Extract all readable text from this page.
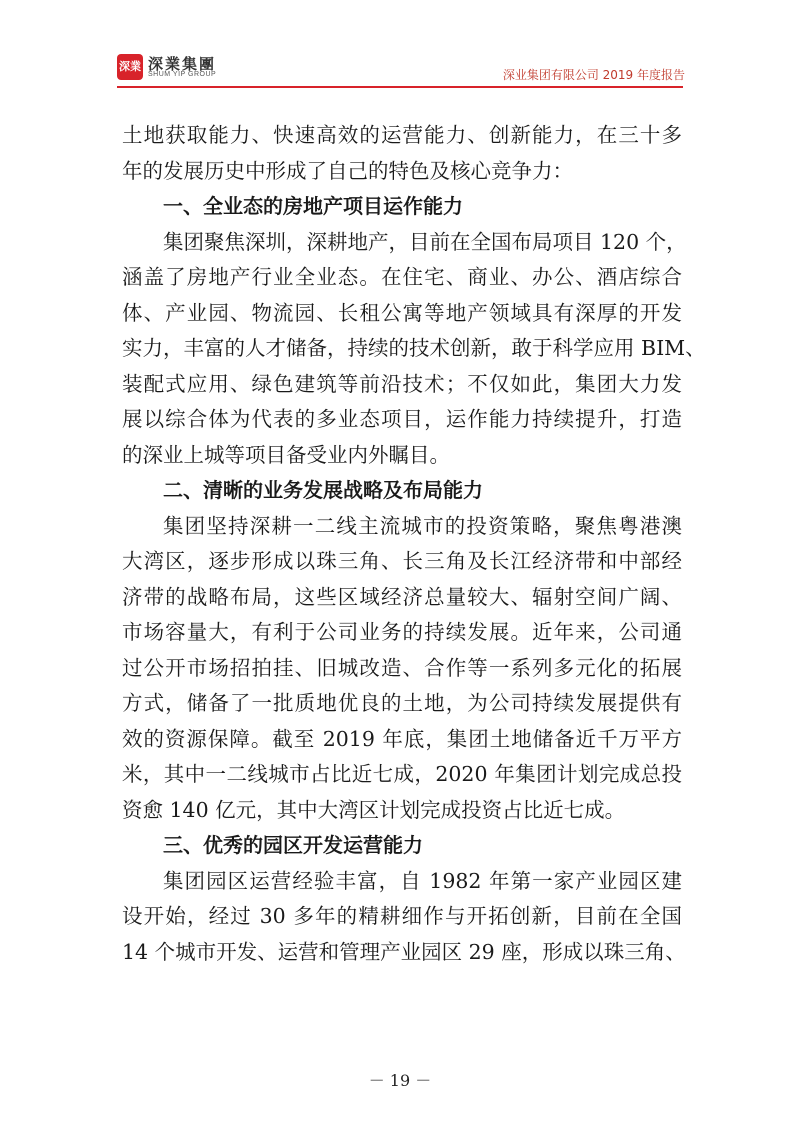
深業 深業集團
SHUM YIP GROUP	深业集团有限公司 2019 年度报告
土地获取能力、快速高效的运营能力、创新能力，在三十多
年的发展历史中形成了自己的特色及核心竞争力：
一、全业态的房地产项目运作能力
集团聚焦深圳，深耕地产，目前在全国布局项目 120 个，
涵盖了房地产行业全业态。在住宅、商业、办公、酒店综合
体、产业园、物流园、长租公寓等地产领域具有深厚的开发
实力，丰富的人才储备，持续的技术创新，敢于科学应用 BIM、
装配式应用、绿色建筑等前沿技术；不仅如此，集团大力发
展以综合体为代表的多业态项目，运作能力持续提升，打造
的深业上城等项目备受业内外瞩目。
二、清晰的业务发展战略及布局能力
集团坚持深耕一二线主流城市的投资策略，聚焦粤港澳
大湾区，逐步形成以珠三角、长三角及长江经济带和中部经
济带的战略布局，这些区域经济总量较大、辐射空间广阔、
市场容量大，有利于公司业务的持续发展。近年来，公司通
过公开市场招拍挂、旧城改造、合作等一系列多元化的拓展
方式，储备了一批质地优良的土地，为公司持续发展提供有
效的资源保障。截至 2019 年底，集团土地储备近千万平方
米，其中一二线城市占比近七成，2020 年集团计划完成总投
资愈 140 亿元，其中大湾区计划完成投资占比近七成。
三、优秀的园区开发运营能力
集团园区运营经验丰富，自 1982 年第一家产业园区建
设开始，经过 30 多年的精耕细作与开拓创新，目前在全国
14 个城市开发、运营和管理产业园区 29 座，形成以珠三角、
－ 19 －
